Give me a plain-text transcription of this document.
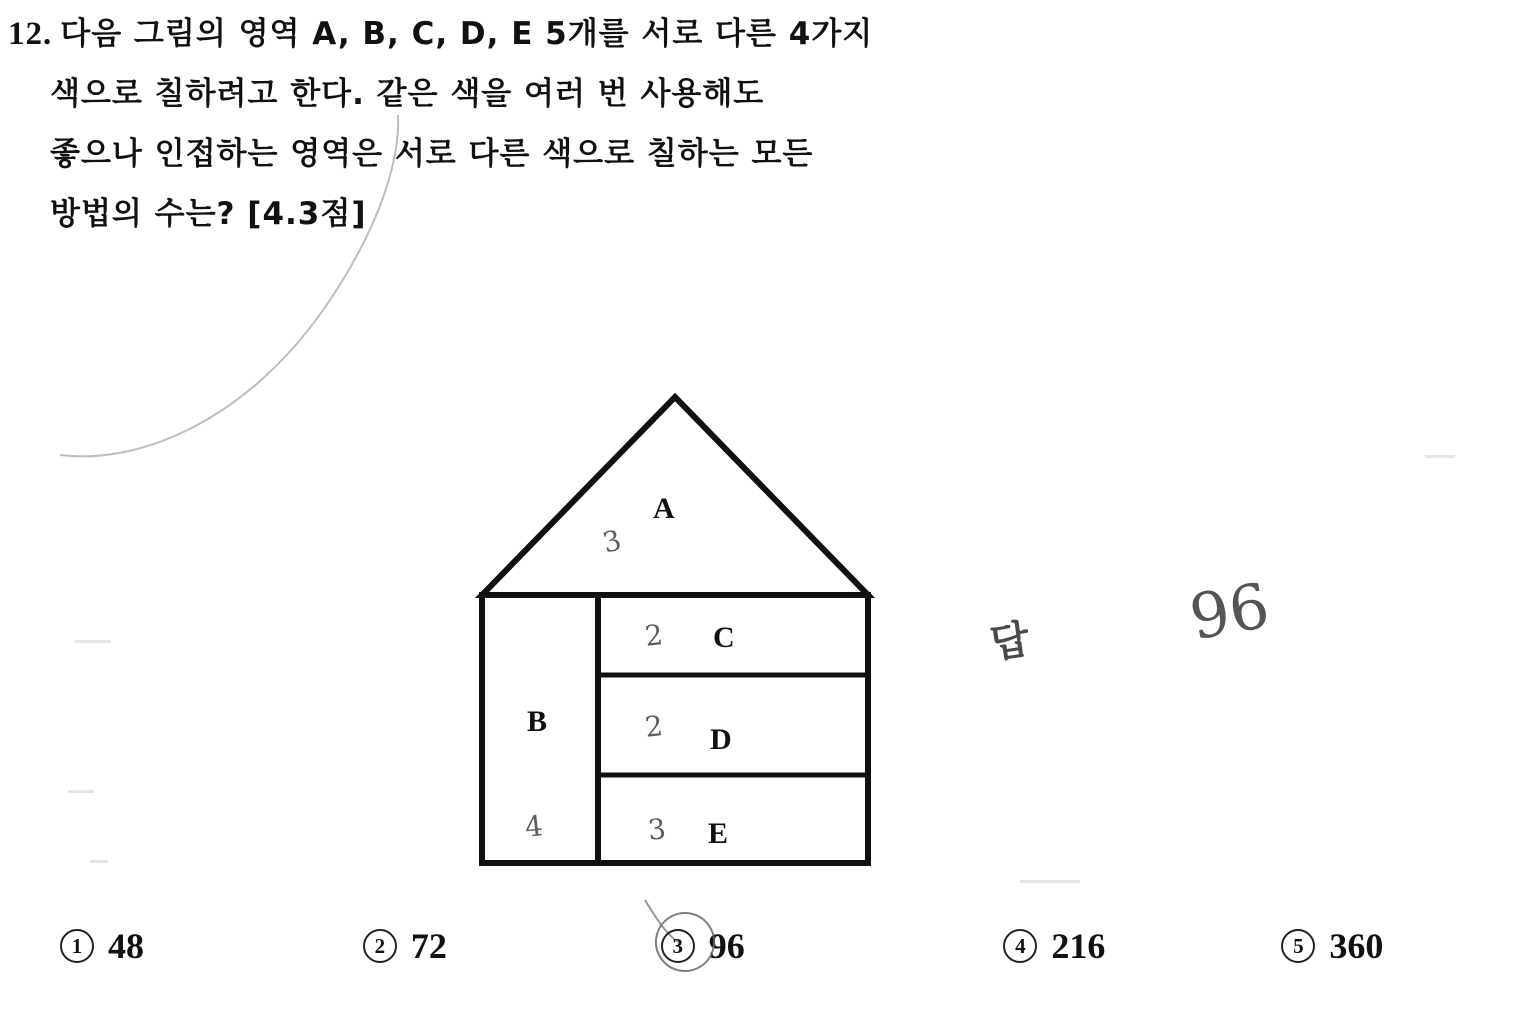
12. 다음 그림의 영역 A, B, C, D, E 5개를 서로 다른 4가지
색으로 칠하려고 한다. 같은 색을 여러 번 사용해도
좋으나 인접하는 영역은 서로 다른 색으로 칠하는 모든
방법의 수는? [4.3점]
A
B
C
D
E
3
4
2
2
3
답 96
1 48	2 72	3 96	4 216	5 360
